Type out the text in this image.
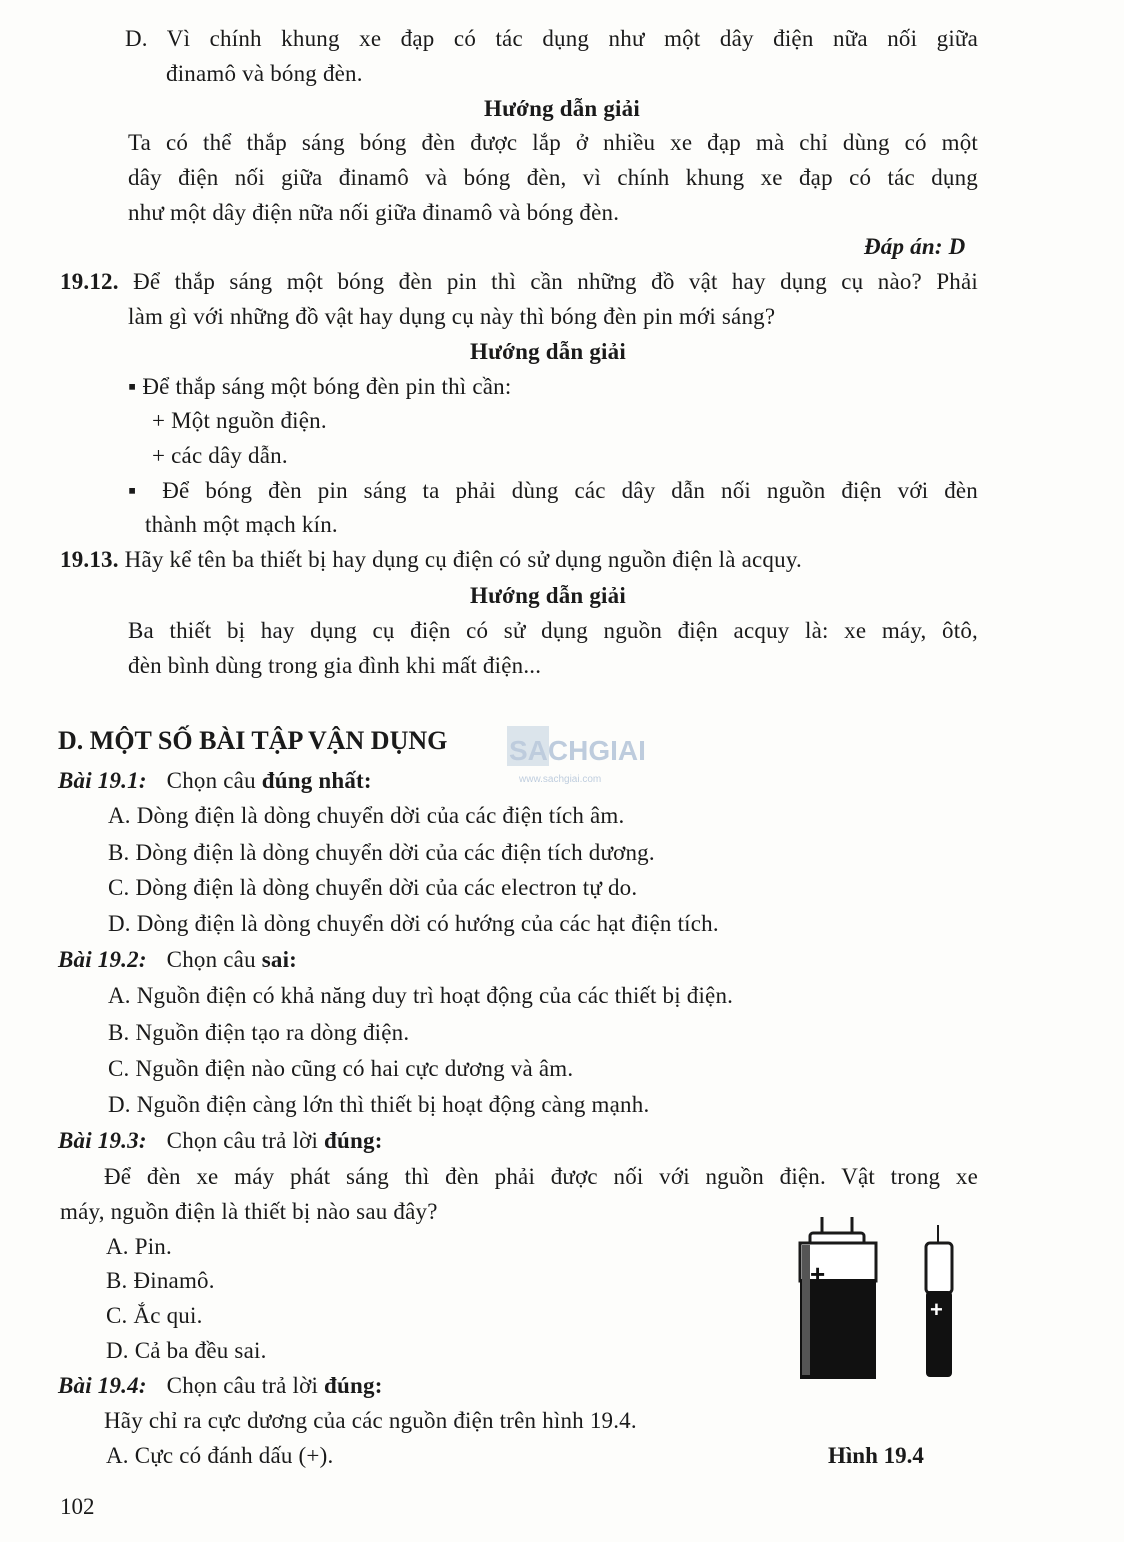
D. Vì chính khung xe đạp có tác dụng như một dây điện nữa nối giữa
đinamô và bóng đèn.
Hướng dẫn giải
Ta có thể thắp sáng bóng đèn được lắp ở nhiều xe đạp mà chỉ dùng có một
dây điện nối giữa đinamô và bóng đèn, vì chính khung xe đạp có tác dụng
như một dây điện nữa nối giữa đinamô và bóng đèn.
Đáp án: D
19.12. Để thắp sáng một bóng đèn pin thì cần những đồ vật hay dụng cụ nào? Phải
làm gì với những đồ vật hay dụng cụ này thì bóng đèn pin mới sáng?
Hướng dẫn giải
▪ Để thắp sáng một bóng đèn pin thì cần:
+ Một nguồn điện.
+ các dây dẫn.
▪ Để bóng đèn pin sáng ta phải dùng các dây dẫn nối nguồn điện với đèn
thành một mạch kín.
19.13. Hãy kể tên ba thiết bị hay dụng cụ điện có sử dụng nguồn điện là acquy.
Hướng dẫn giải
Ba thiết bị hay dụng cụ điện có sử dụng nguồn điện acquy là: xe máy, ôtô,
đèn bình dùng trong gia đình khi mất điện...
D. MỘT SỐ BÀI TẬP VẬN DỤNG SACHGIAI
www.sachgiai.com
Bài 19.1: Chọn câu đúng nhất:
A. Dòng điện là dòng chuyển dời của các điện tích âm.
B. Dòng điện là dòng chuyển dời của các điện tích dương.
C. Dòng điện là dòng chuyển dời của các electron tự do.
D. Dòng điện là dòng chuyển dời có hướng của các hạt điện tích.
Bài 19.2: Chọn câu sai:
A. Nguồn điện có khả năng duy trì hoạt động của các thiết bị điện.
B. Nguồn điện tạo ra dòng điện.
C. Nguồn điện nào cũng có hai cực dương và âm.
D. Nguồn điện càng lớn thì thiết bị hoạt động càng mạnh.
Bài 19.3: Chọn câu trả lời đúng:
Để đèn xe máy phát sáng thì đèn phải được nối với nguồn điện. Vật trong xe
máy, nguồn điện là thiết bị nào sau đây?
A. Pin.
B. Đinamô.
C. Ắc qui.
D. Cả ba đều sai.
Bài 19.4: Chọn câu trả lời đúng:
Hãy chỉ ra cực dương của các nguồn điện trên hình 19.4.
A. Cực có đánh dấu (+).
+
+
Hình 19.4
102
